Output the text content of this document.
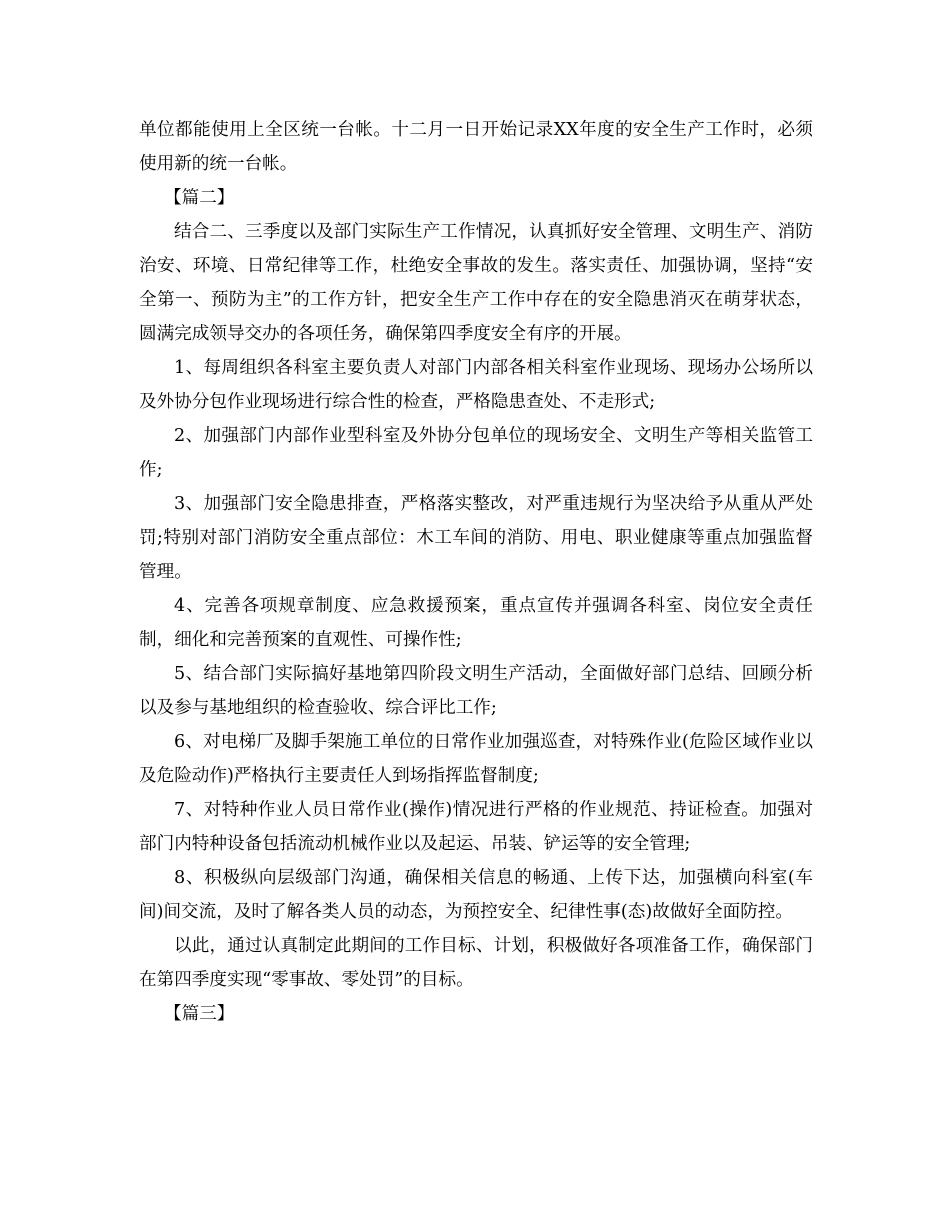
单位都能使用上全区统一台帐。十二月一日开始记录XX年度的安全生产工作时，必须使用新的统一台帐。

【篇二】

结合二、三季度以及部门实际生产工作情况，认真抓好安全管理、文明生产、消防治安、环境、日常纪律等工作，杜绝安全事故的发生。落实责任、加强协调，坚持“安全第一、预防为主”的工作方针，把安全生产工作中存在的安全隐患消灭在萌芽状态，圆满完成领导交办的各项任务，确保第四季度安全有序的开展。

1、每周组织各科室主要负责人对部门内部各相关科室作业现场、现场办公场所以及外协分包作业现场进行综合性的检查，严格隐患查处、不走形式;

2、加强部门内部作业型科室及外协分包单位的现场安全、文明生产等相关监管工作;

3、加强部门安全隐患排查，严格落实整改，对严重违规行为坚决给予从重从严处罚;特别对部门消防安全重点部位：木工车间的消防、用电、职业健康等重点加强监督管理。

4、完善各项规章制度、应急救援预案，重点宣传并强调各科室、岗位安全责任制，细化和完善预案的直观性、可操作性;

5、结合部门实际搞好基地第四阶段文明生产活动，全面做好部门总结、回顾分析以及参与基地组织的检查验收、综合评比工作;

6、对电梯厂及脚手架施工单位的日常作业加强巡查，对特殊作业(危险区域作业以及危险动作)严格执行主要责任人到场指挥监督制度;

7、对特种作业人员日常作业(操作)情况进行严格的作业规范、持证检查。加强对部门内特种设备包括流动机械作业以及起运、吊装、铲运等的安全管理;

8、积极纵向层级部门沟通，确保相关信息的畅通、上传下达，加强横向科室(车间)间交流，及时了解各类人员的动态，为预控安全、纪律性事(态)故做好全面防控。

以此，通过认真制定此期间的工作目标、计划，积极做好各项准备工作，确保部门在第四季度实现“零事故、零处罚”的目标。

【篇三】
